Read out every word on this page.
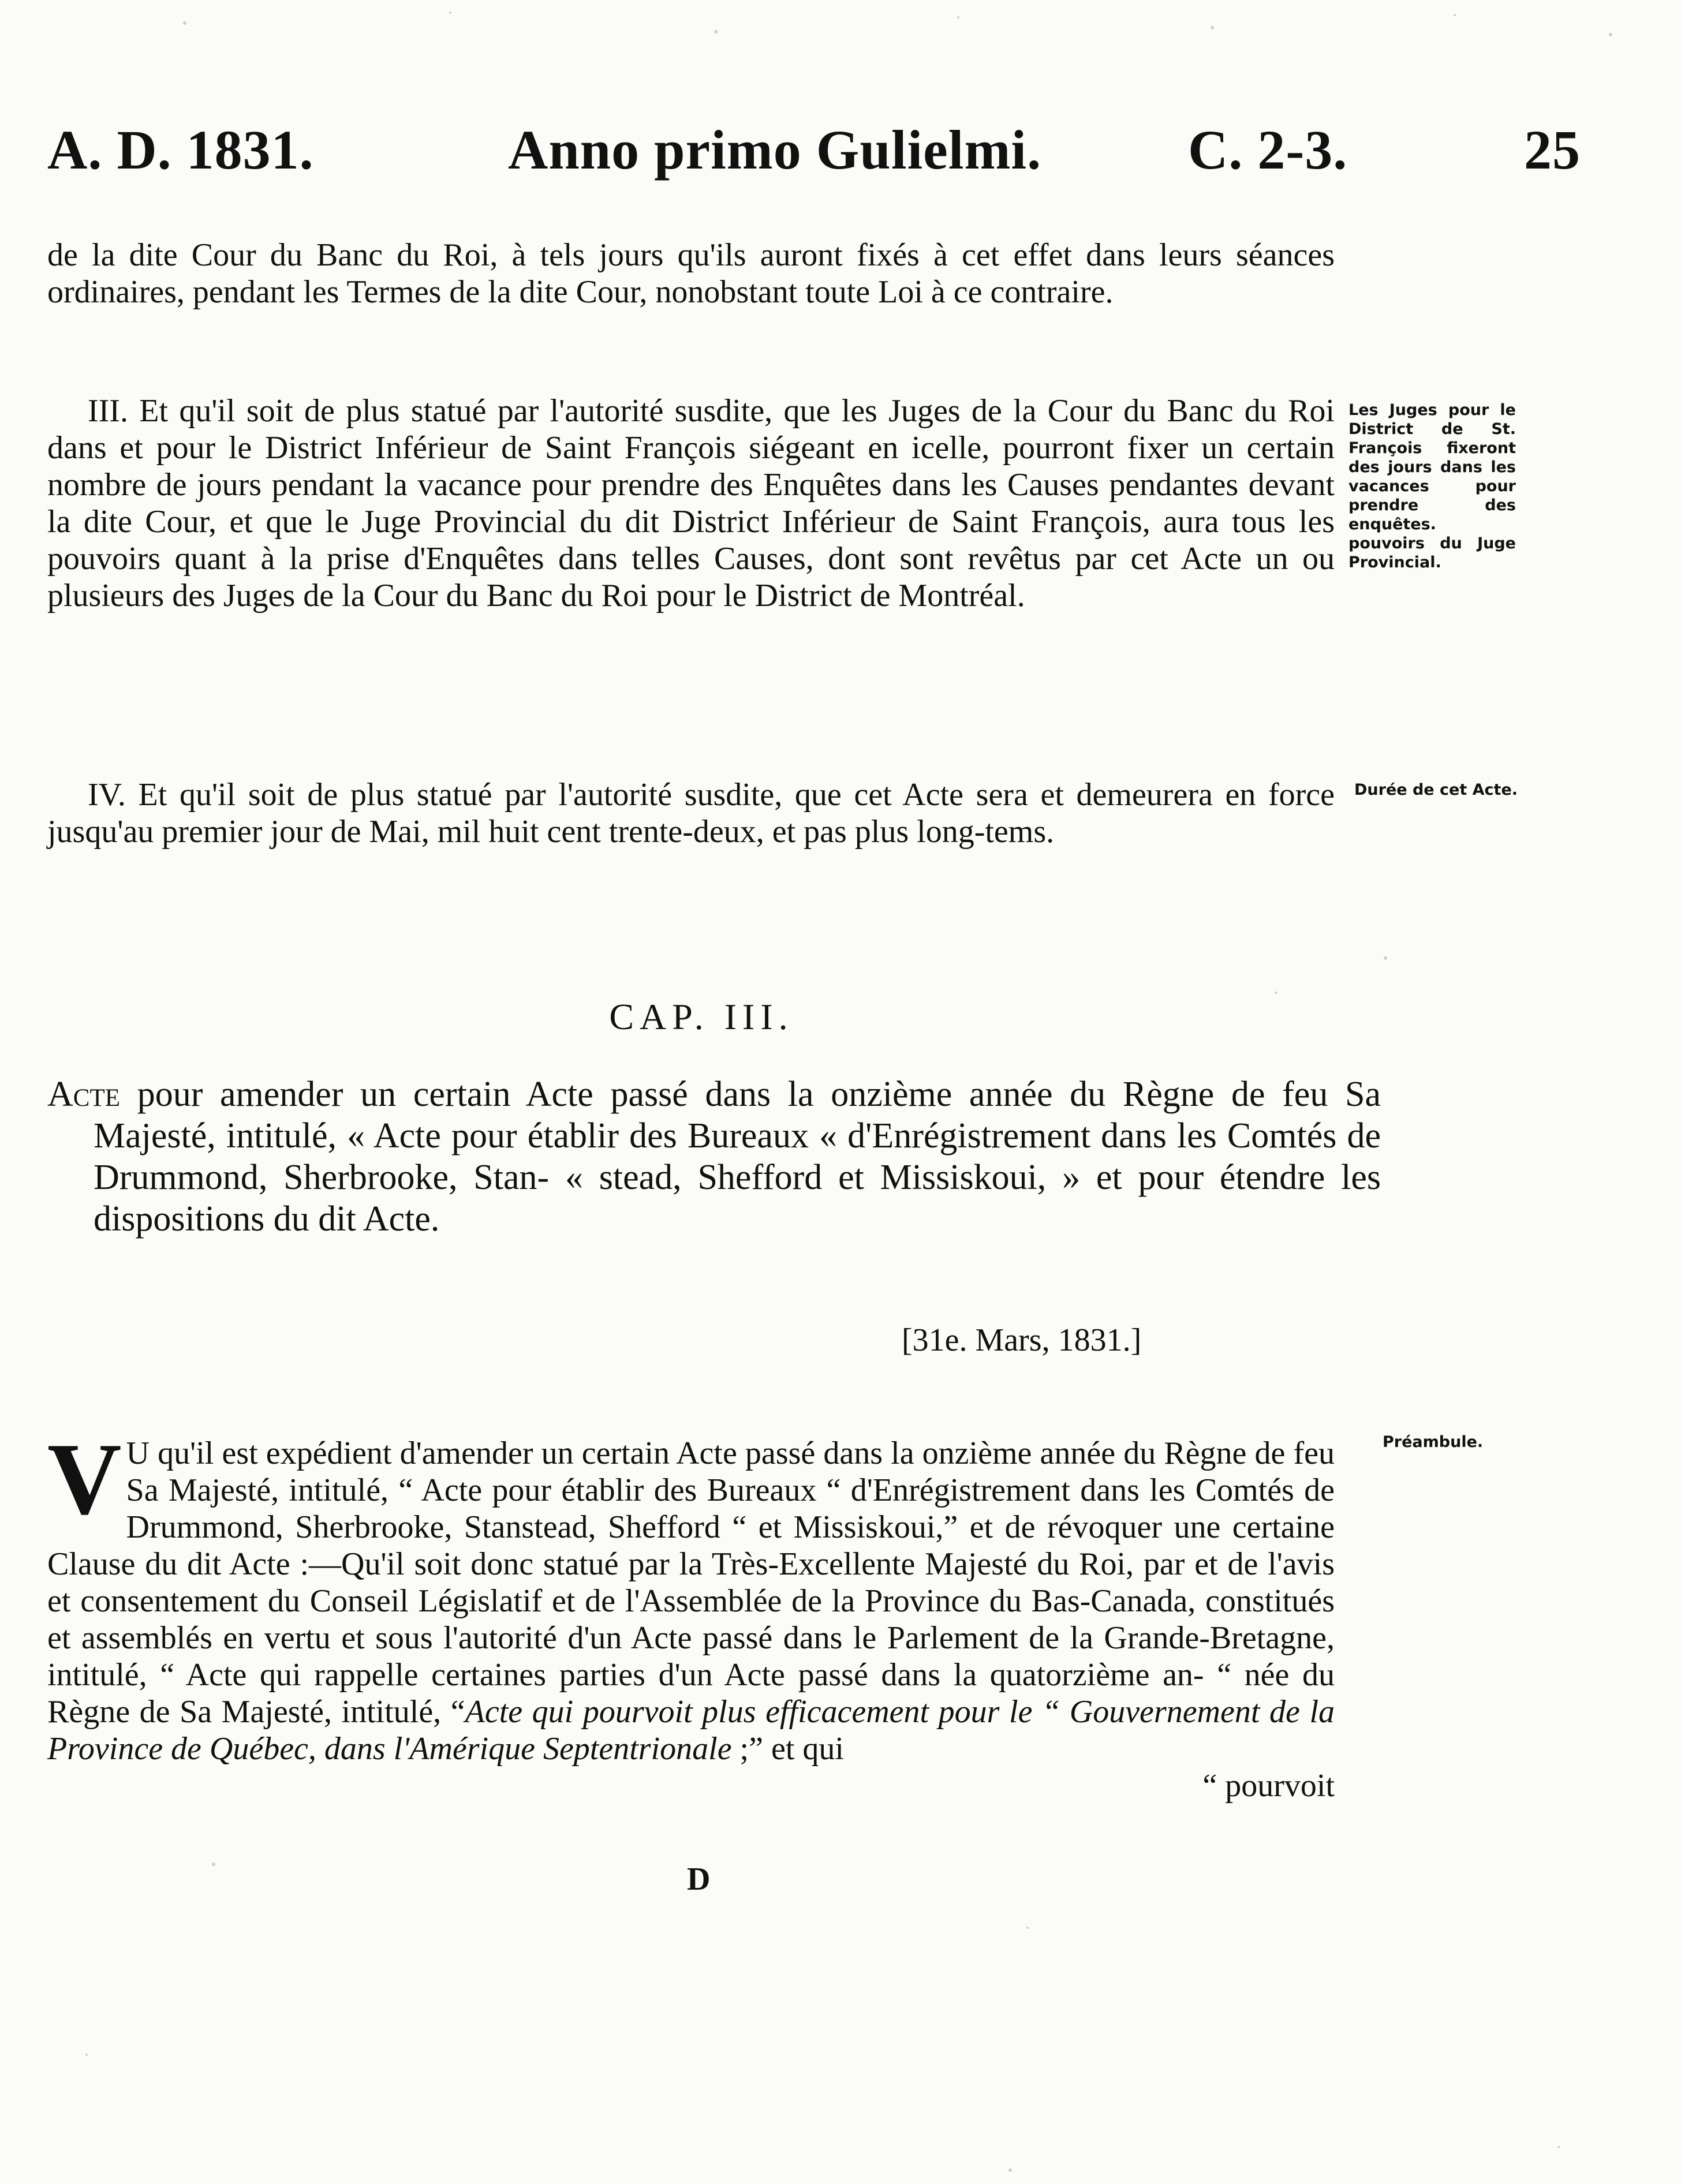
A. D. 1831.	Anno primo Gulielmi.	C. 2-3.	25

de la dite Cour du Banc du Roi, à tels jours qu'ils auront fixés à cet effet dans leurs séances ordinaires, pendant les Termes de la dite Cour, nonobstant toute Loi à ce contraire.

III. Et qu'il soit de plus statué par l'autorité susdite, que les Juges de la Cour du Banc du Roi dans et pour le District Inférieur de Saint François siégeant en icelle, pourront fixer un certain nombre de jours pendant la vacance pour prendre des Enquêtes dans les Causes pendantes devant la dite Cour, et que le Juge Provincial du dit District Inférieur de Saint François, aura tous les pouvoirs quant à la prise d'Enquêtes dans telles Causes, dont sont revêtus par cet Acte un ou plusieurs des Juges de la Cour du Banc du Roi pour le District de Montréal.

Les Juges pour le District de St. François fixeront des jours dans les vacances pour prendre des enquêtes. pouvoirs du Juge Provincial.

IV. Et qu'il soit de plus statué par l'autorité susdite, que cet Acte sera et demeurera en force jusqu'au premier jour de Mai, mil huit cent trente-deux, et pas plus long-tems.

Durée de cet Acte.
CAP. III.
Acte pour amender un certain Acte passé dans la onzième année du Règne de feu Sa Majesté, intitulé, « Acte pour établir des Bureaux « d'Enrégistrement dans les Comtés de Drummond, Sherbrooke, Stan- « stead, Shefford et Missiskoui, » et pour étendre les dispositions du dit Acte.
[31e. Mars, 1831.]
Préambule.
V U qu'il est expédient d'amender un certain Acte passé dans la onzième année du Règne de feu Sa Majesté, intitulé, “ Acte pour établir des Bureaux “ d'Enrégistrement dans les Comtés de Drummond, Sherbrooke, Stanstead, Shefford “ et Missiskoui,” et de révoquer une certaine Clause du dit Acte :—Qu'il soit donc statué par la Très-Excellente Majesté du Roi, par et de l'avis et consentement du Conseil Législatif et de l'Assemblée de la Province du Bas-Canada, constitués et assemblés en vertu et sous l'autorité d'un Acte passé dans le Parlement de la Grande-Bretagne, intitulé, “ Acte qui rappelle certaines parties d'un Acte passé dans la quatorzième an- “ née du Règne de Sa Majesté, intitulé, “Acte qui pourvoit plus efficacement pour le “ Gouvernement de la Province de Québec, dans l'Amérique Septentrionale ;” et qui
“ pourvoit
D
